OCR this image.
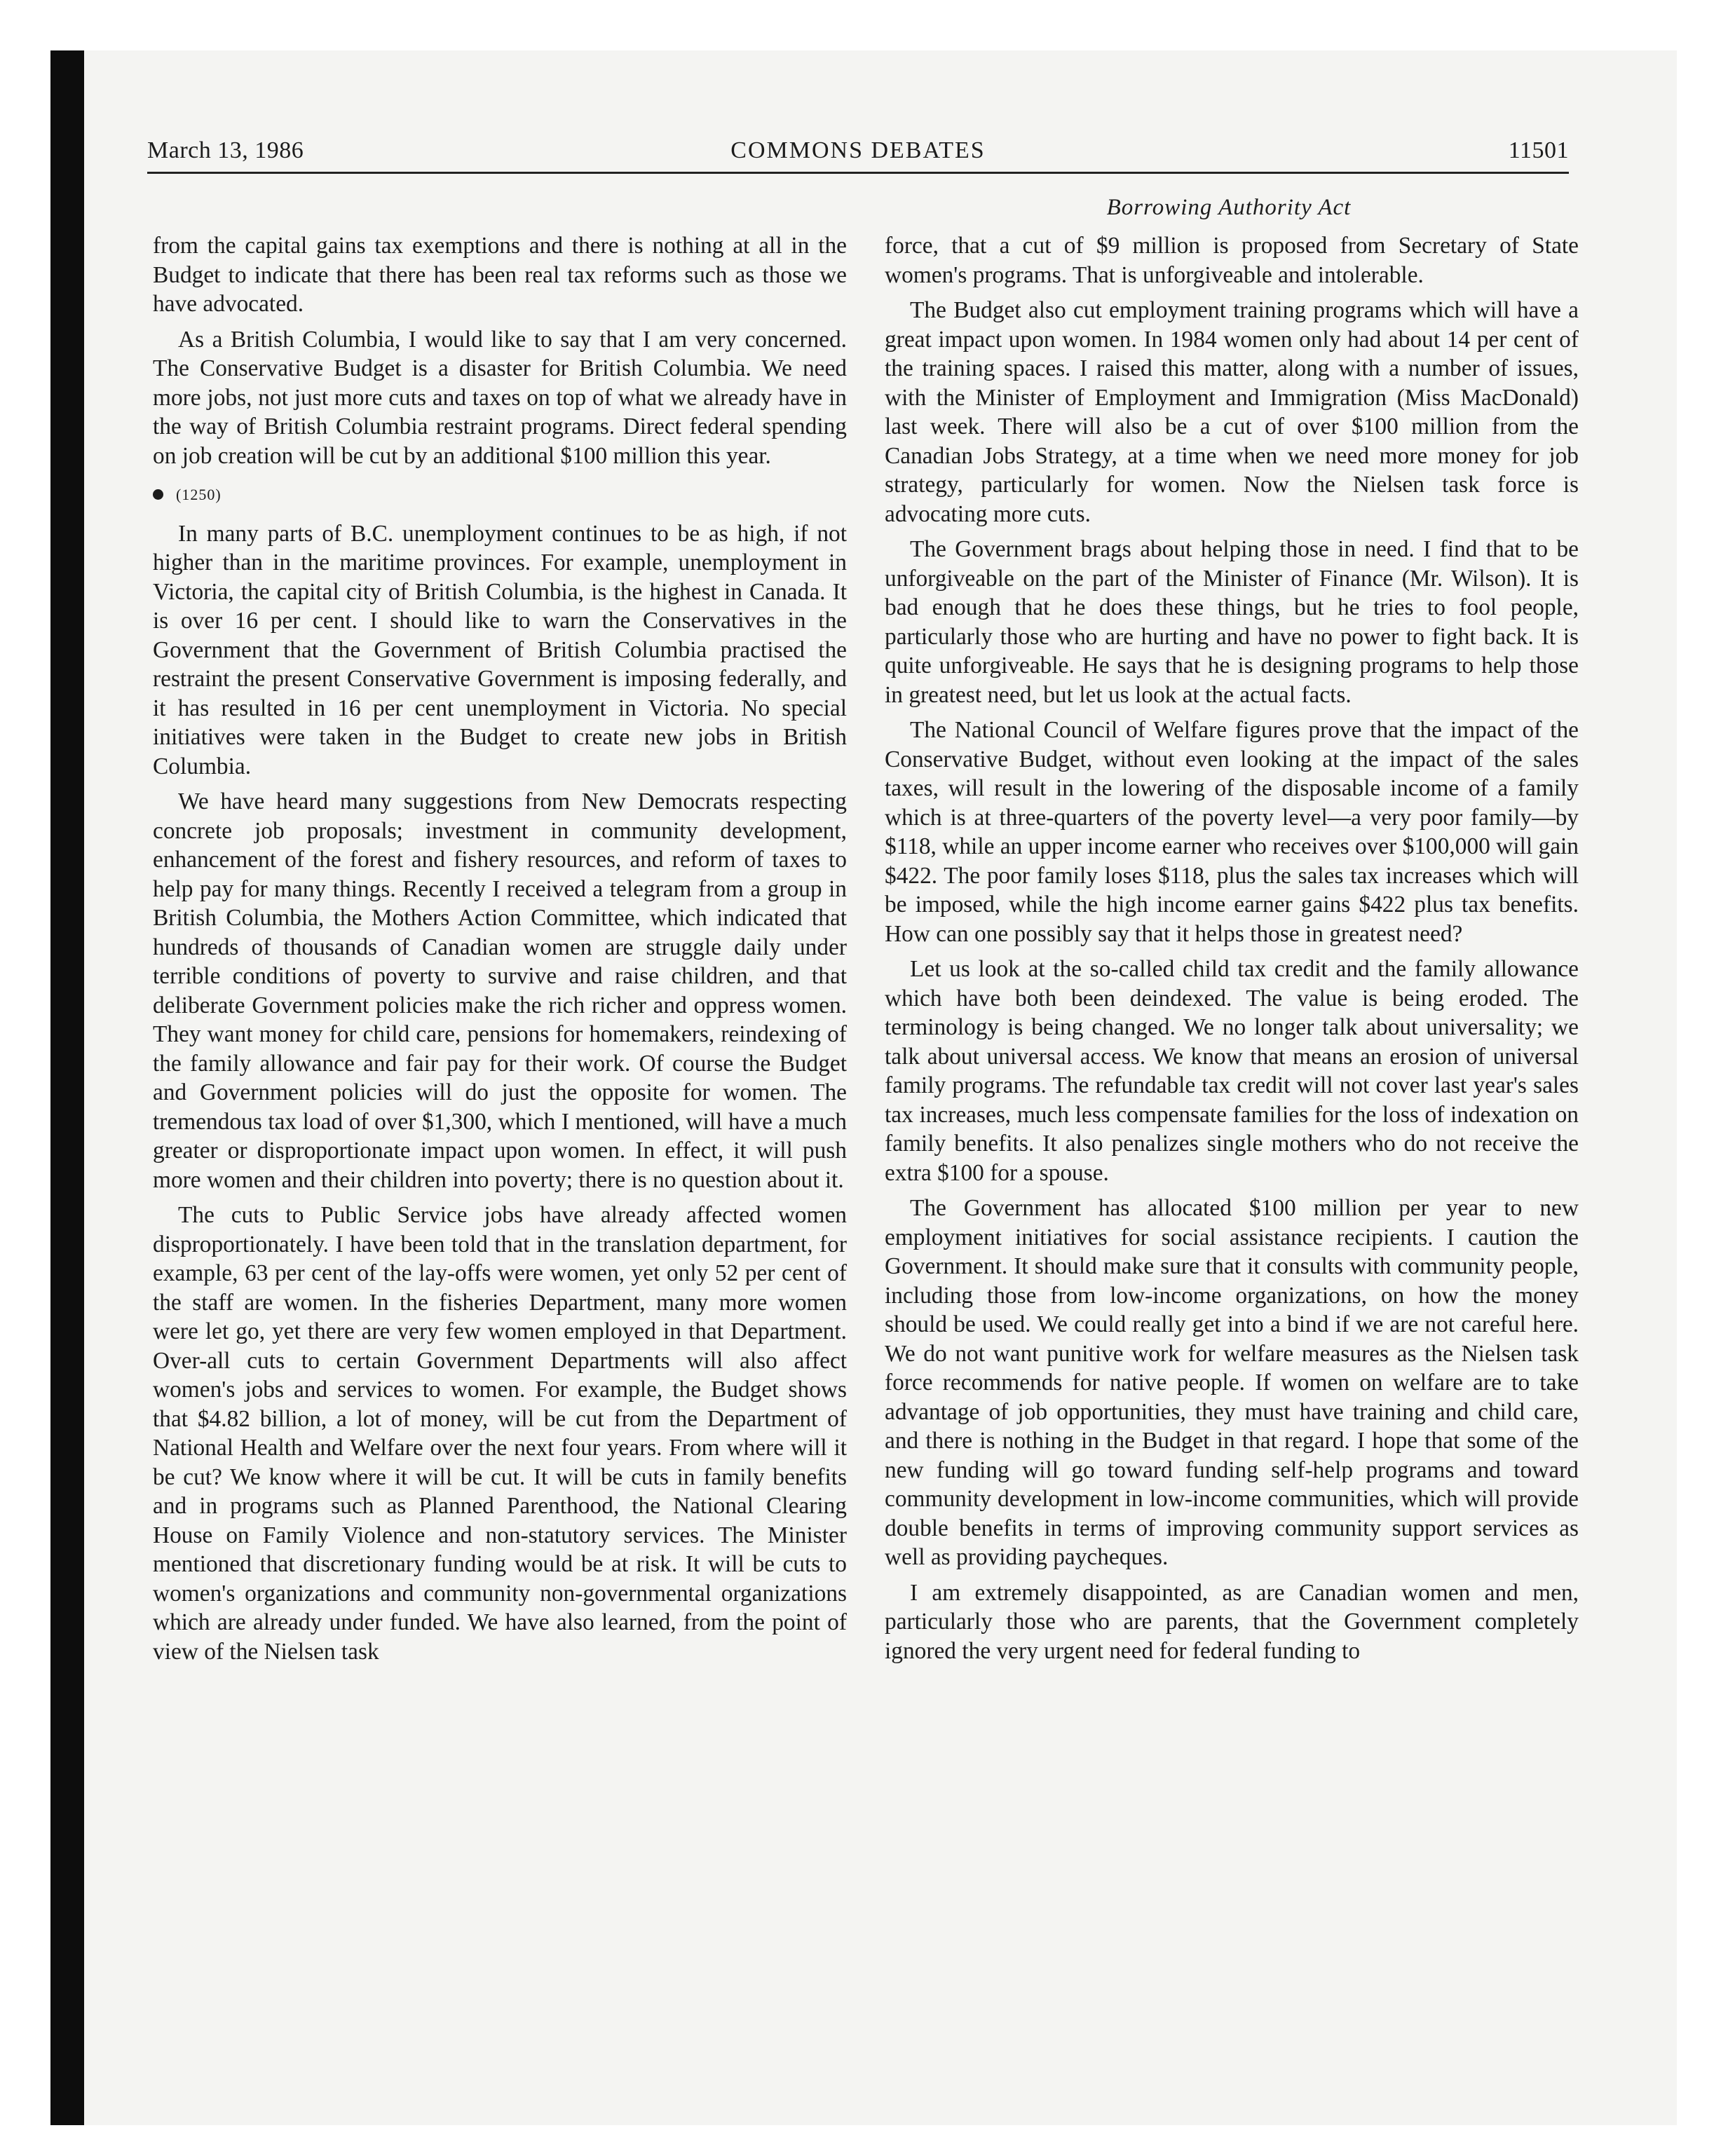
March 13, 1986	COMMONS DEBATES	11501
Borrowing Authority Act

from the capital gains tax exemptions and there is nothing at all in the Budget to indicate that there has been real tax reforms such as those we have advocated.

As a British Columbia, I would like to say that I am very concerned. The Conservative Budget is a disaster for British Columbia. We need more jobs, not just more cuts and taxes on top of what we already have in the way of British Columbia restraint programs. Direct federal spending on job creation will be cut by an additional $100 million this year.

(1250)

In many parts of B.C. unemployment continues to be as high, if not higher than in the maritime provinces. For example, unemployment in Victoria, the capital city of British Columbia, is the highest in Canada. It is over 16 per cent. I should like to warn the Conservatives in the Government that the Government of British Columbia practised the restraint the present Conservative Government is imposing federally, and it has resulted in 16 per cent unemployment in Victoria. No special initiatives were taken in the Budget to create new jobs in British Columbia.

We have heard many suggestions from New Democrats respecting concrete job proposals; investment in community development, enhancement of the forest and fishery resources, and reform of taxes to help pay for many things. Recently I received a telegram from a group in British Columbia, the Mothers Action Committee, which indicated that hundreds of thousands of Canadian women are struggle daily under terrible conditions of poverty to survive and raise children, and that deliberate Government policies make the rich richer and oppress women. They want money for child care, pensions for homemakers, reindexing of the family allowance and fair pay for their work. Of course the Budget and Government policies will do just the opposite for women. The tremendous tax load of over $1,300, which I mentioned, will have a much greater or disproportionate impact upon women. In effect, it will push more women and their children into poverty; there is no question about it.

The cuts to Public Service jobs have already affected women disproportionately. I have been told that in the translation department, for example, 63 per cent of the lay-offs were women, yet only 52 per cent of the staff are women. In the fisheries Department, many more women were let go, yet there are very few women employed in that Department. Over-all cuts to certain Government Departments will also affect women's jobs and services to women. For example, the Budget shows that $4.82 billion, a lot of money, will be cut from the Department of National Health and Welfare over the next four years. From where will it be cut? We know where it will be cut. It will be cuts in family benefits and in programs such as Planned Parenthood, the National Clearing House on Family Violence and non-statutory services. The Minister mentioned that discretionary funding would be at risk. It will be cuts to women's organizations and community non-governmental organizations which are already under funded. We have also learned, from the point of view of the Nielsen task

force, that a cut of $9 million is proposed from Secretary of State women's programs. That is unforgiveable and intolerable.

The Budget also cut employment training programs which will have a great impact upon women. In 1984 women only had about 14 per cent of the training spaces. I raised this matter, along with a number of issues, with the Minister of Employment and Immigration (Miss MacDonald) last week. There will also be a cut of over $100 million from the Canadian Jobs Strategy, at a time when we need more money for job strategy, particularly for women. Now the Nielsen task force is advocating more cuts.

The Government brags about helping those in need. I find that to be unforgiveable on the part of the Minister of Finance (Mr. Wilson). It is bad enough that he does these things, but he tries to fool people, particularly those who are hurting and have no power to fight back. It is quite unforgiveable. He says that he is designing programs to help those in greatest need, but let us look at the actual facts.

The National Council of Welfare figures prove that the impact of the Conservative Budget, without even looking at the impact of the sales taxes, will result in the lowering of the disposable income of a family which is at three-quarters of the poverty level—a very poor family—by $118, while an upper income earner who receives over $100,000 will gain $422. The poor family loses $118, plus the sales tax increases which will be imposed, while the high income earner gains $422 plus tax benefits. How can one possibly say that it helps those in greatest need?

Let us look at the so-called child tax credit and the family allowance which have both been deindexed. The value is being eroded. The terminology is being changed. We no longer talk about universality; we talk about universal access. We know that means an erosion of universal family programs. The refundable tax credit will not cover last year's sales tax increases, much less compensate families for the loss of indexation on family benefits. It also penalizes single mothers who do not receive the extra $100 for a spouse.

The Government has allocated $100 million per year to new employment initiatives for social assistance recipients. I caution the Government. It should make sure that it consults with community people, including those from low-income organizations, on how the money should be used. We could really get into a bind if we are not careful here. We do not want punitive work for welfare measures as the Nielsen task force recommends for native people. If women on welfare are to take advantage of job opportunities, they must have training and child care, and there is nothing in the Budget in that regard. I hope that some of the new funding will go toward funding self-help programs and toward community development in low-income communities, which will provide double benefits in terms of improving community support services as well as providing paycheques.

I am extremely disappointed, as are Canadian women and men, particularly those who are parents, that the Government completely ignored the very urgent need for federal funding to
